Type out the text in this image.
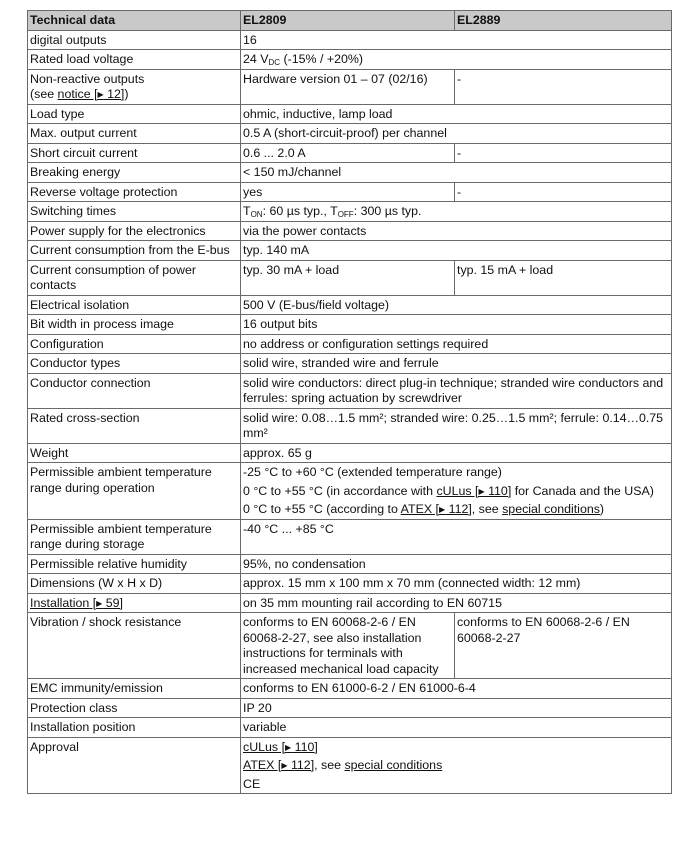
Technical data	EL2809	EL2889
digital outputs	16	
Rated load voltage	24 $V_{DC}$ (-15% / +20%)	

Non-reactive outputs
(see notice [▶ 12])	Hardware version 01 – 07 (02/16)	-
Load type	ohmic, inductive, lamp load	
Max. output current	0.5 A (short-circuit-proof) per channel	
Short circuit current	0.6 ... 2.0 A	-
Breaking energy	< 150 mJ/channel	
Reverse voltage protection	yes	-
Switching times	$T_{ON}$: 60 µs typ., $T_{OFF}$: 300 µs typ.	
Power supply for the electronics	via the power contacts	
Current consumption from the E-bus	typ. 140 mA	
Current consumption of power contacts	typ. 30 mA + load	typ. 15 mA + load
Electrical isolation	500 V (E-bus/field voltage)	
Bit width in process image	16 output bits	
Configuration	no address or configuration settings required	
Conductor types	solid wire, stranded wire and ferrule	
Conductor connection	solid wire conductors: direct plug-in technique; stranded wire conductors and ferrules: spring actuation by screwdriver	
Rated cross-section	solid wire: 0.08…1.5 mm²; stranded wire: 0.25…1.5 mm²; ferrule: 0.14…0.75 mm²	
Weight	approx. 65 g	
Permissible ambient temperature range during operation	-25 °C to +60 °C (extended temperature range)
0 °C to +55 °C (in accordance with cULus [▶ 110] for Canada and the USA)
0 °C to +55 °C (according to ATEX [▶ 112], see special conditions)	

Permissible ambient temperature range during storage	-40 °C ... +85 °C	
Permissible relative humidity	95%, no condensation	
Dimensions (W x H x D)	approx. 15 mm x 100 mm x 70 mm (connected width: 12 mm)	
Installation [▶ 59]	on 35 mm mounting rail according to EN 60715	
Vibration / shock resistance	conforms to EN 60068-2-6 / EN 60068-2-27, see also installation instructions for terminals with increased mechanical load capacity	conforms to EN 60068-2-6 / EN 60068-2-27
EMC immunity/emission	conforms to EN 61000-6-2 / EN 61000-6-4	
Protection class	IP 20	
Installation position	variable	
Approval	cULus [▶ 110]
ATEX [▶ 112], see special conditions
CE	
